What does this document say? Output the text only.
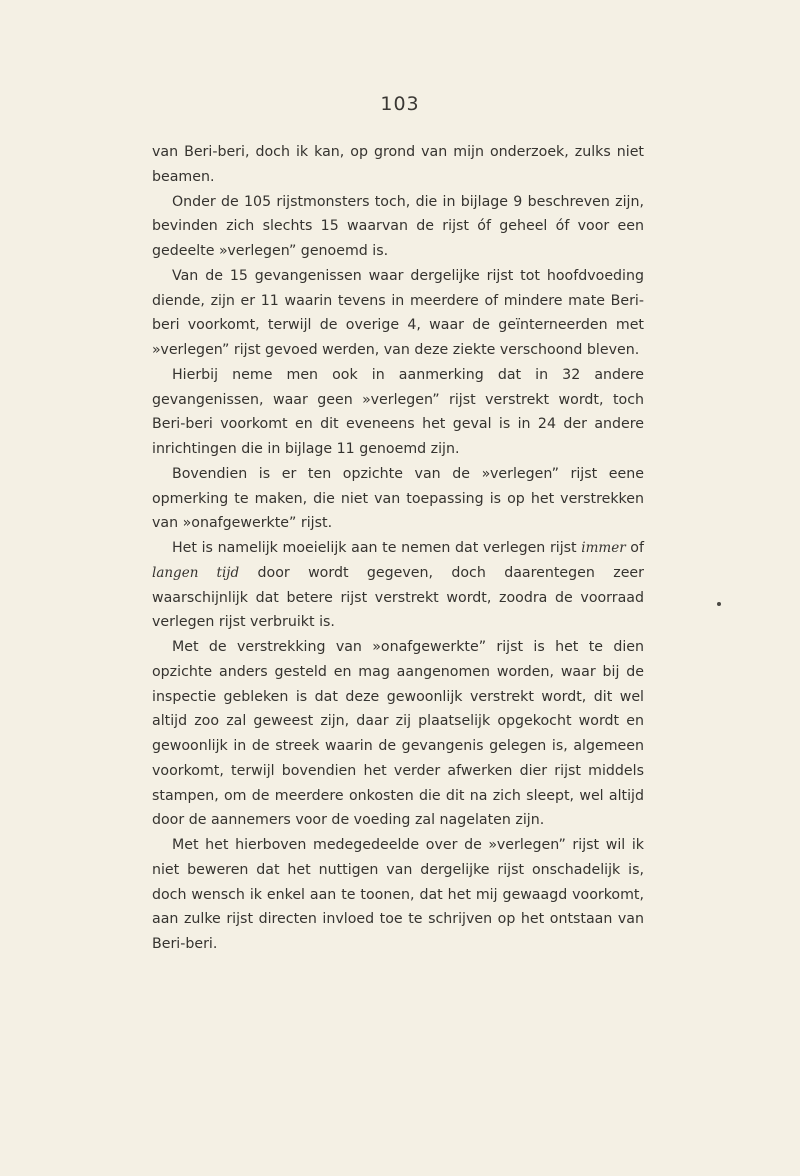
103

van Beri-beri, doch ik kan, op grond van mijn onderzoek, zulks niet beamen.

Onder de 105 rijstmonsters toch, die in bijlage 9 beschreven zijn, bevinden zich slechts 15 waarvan de rijst óf geheel óf voor een gedeelte »verlegen” genoemd is.

Van de 15 gevangenissen waar dergelijke rijst tot hoofdvoeding diende, zijn er 11 waarin tevens in meerdere of mindere mate Beri-beri voorkomt, terwijl de overige 4, waar de geïnterneerden met »verlegen” rijst gevoed werden, van deze ziekte verschoond bleven.

Hierbij neme men ook in aanmerking dat in 32 andere gevangenissen, waar geen »verlegen” rijst verstrekt wordt, toch Beri-beri voorkomt en dit eveneens het geval is in 24 der andere inrichtingen die in bijlage 11 genoemd zijn.

Bovendien is er ten opzichte van de »verlegen” rijst eene opmerking te maken, die niet van toepassing is op het verstrekken van »onafgewerkte” rijst.

Het is namelijk moeielijk aan te nemen dat verlegen rijst immer of langen tijd door wordt gegeven, doch daarentegen zeer waarschijnlijk dat betere rijst verstrekt wordt, zoodra de voorraad verlegen rijst verbruikt is.

Met de verstrekking van »onafgewerkte” rijst is het te dien opzichte anders gesteld en mag aangenomen worden, waar bij de inspectie gebleken is dat deze gewoonlijk verstrekt wordt, dit wel altijd zoo zal geweest zijn, daar zij plaatselijk opgekocht wordt en gewoonlijk in de streek waarin de gevangenis gelegen is, algemeen voorkomt, terwijl bovendien het verder afwerken dier rijst middels stampen, om de meerdere onkosten die dit na zich sleept, wel altijd door de aannemers voor de voeding zal nagelaten zijn.

Met het hierboven medegedeelde over de »verlegen” rijst wil ik niet beweren dat het nuttigen van dergelijke rijst onschadelijk is, doch wensch ik enkel aan te toonen, dat het mij gewaagd voorkomt, aan zulke rijst directen invloed toe te schrijven op het ontstaan van Beri-beri.
